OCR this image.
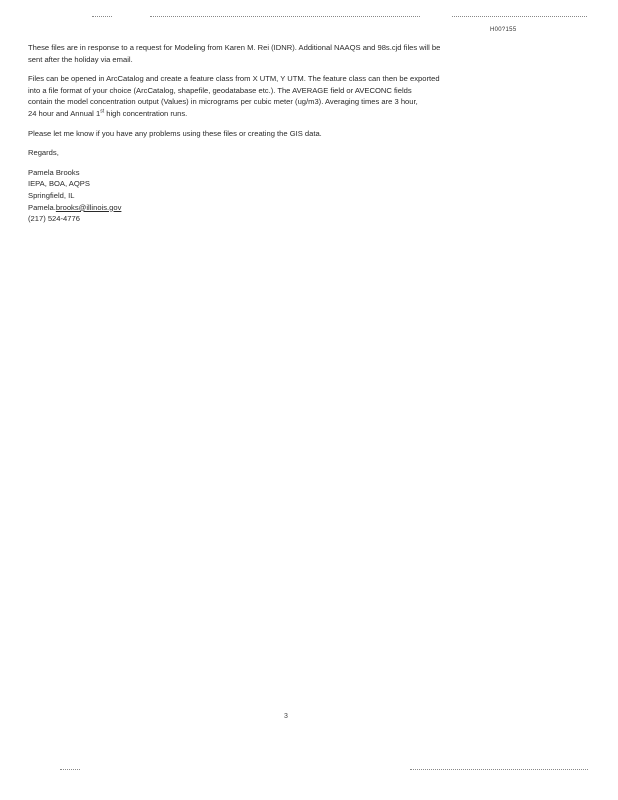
H00?155

These files are in response to a request for Modeling from Karen M. Rei (IDNR). Additional NAAQS and 98s.cjd files will be
sent after the holiday via email.

Files can be opened in ArcCatalog and create a feature class from X UTM, Y UTM. The feature class can then be exported
into a file format of your choice (ArcCatalog, shapefile, geodatabase etc.). The AVERAGE field or AVECONC fields
contain the model concentration output (Values) in micrograms per cubic meter (ug/m3). Averaging times are 3 hour,
24 hour and Annual 1st high concentration runs.

Please let me know if you have any problems using these files or creating the GIS data.

Regards,

Pamela Brooks
IEPA, BOA, AQPS
Springfield, IL
Pamela.brooks@illinois.gov
(217) 524-4776
3
